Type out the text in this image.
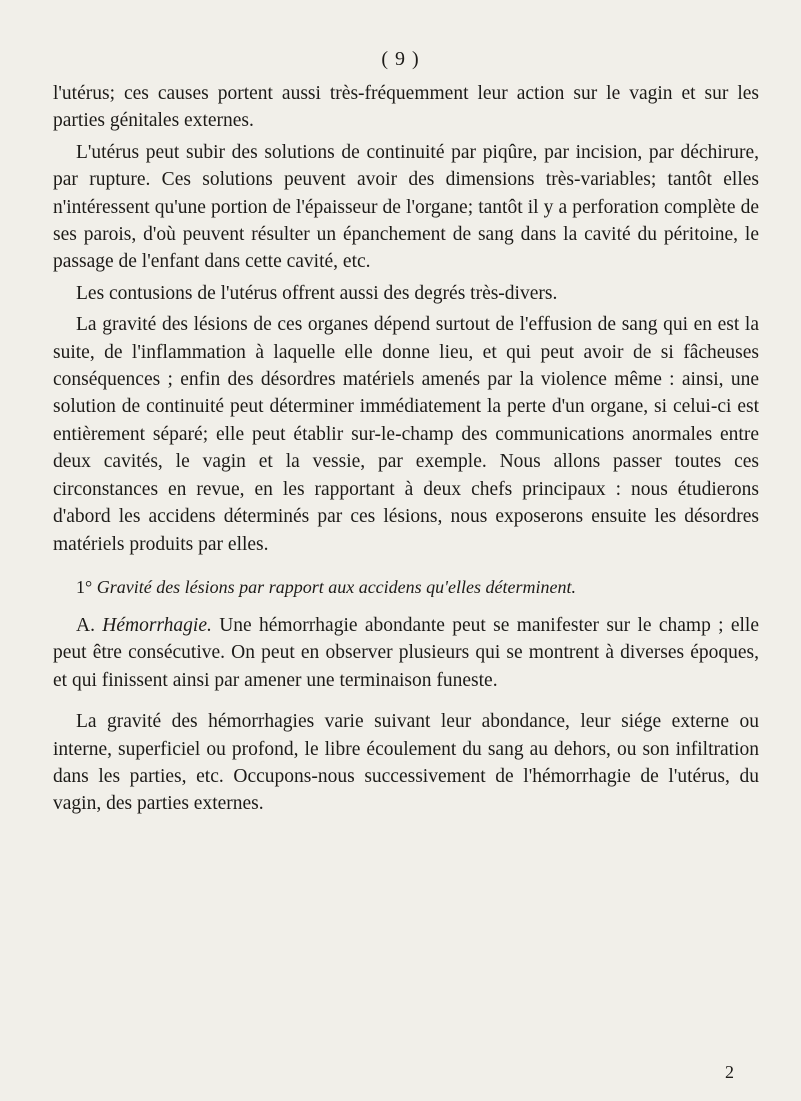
( 9 )

l'utérus; ces causes portent aussi très-fréquemment leur action sur le vagin et sur les parties génitales externes.

L'utérus peut subir des solutions de continuité par piqûre, par incision, par déchirure, par rupture. Ces solutions peuvent avoir des dimensions très-variables; tantôt elles n'intéressent qu'une portion de l'épaisseur de l'organe; tantôt il y a perforation complète de ses parois, d'où peuvent résulter un épanchement de sang dans la cavité du péritoine, le passage de l'enfant dans cette cavité, etc.

Les contusions de l'utérus offrent aussi des degrés très-divers.

La gravité des lésions de ces organes dépend surtout de l'effusion de sang qui en est la suite, de l'inflammation à laquelle elle donne lieu, et qui peut avoir de si fâcheuses conséquences ; enfin des désordres matériels amenés par la violence même : ainsi, une solution de continuité peut déterminer immédiatement la perte d'un organe, si celui-ci est entièrement séparé; elle peut établir sur-le-champ des communications anormales entre deux cavités, le vagin et la vessie, par exemple. Nous allons passer toutes ces circonstances en revue, en les rapportant à deux chefs principaux : nous étudierons d'abord les accidens déterminés par ces lésions, nous exposerons ensuite les désordres matériels produits par elles.

1° Gravité des lésions par rapport aux accidens qu'elles déterminent.

A. Hémorrhagie. Une hémorrhagie abondante peut se manifester sur le champ ; elle peut être consécutive. On peut en observer plusieurs qui se montrent à diverses époques, et qui finissent ainsi par amener une terminaison funeste.

La gravité des hémorrhagies varie suivant leur abondance, leur siége externe ou interne, superficiel ou profond, le libre écoulement du sang au dehors, ou son infiltration dans les parties, etc. Occupons-nous successivement de l'hémorrhagie de l'utérus, du vagin, des parties externes.

2
